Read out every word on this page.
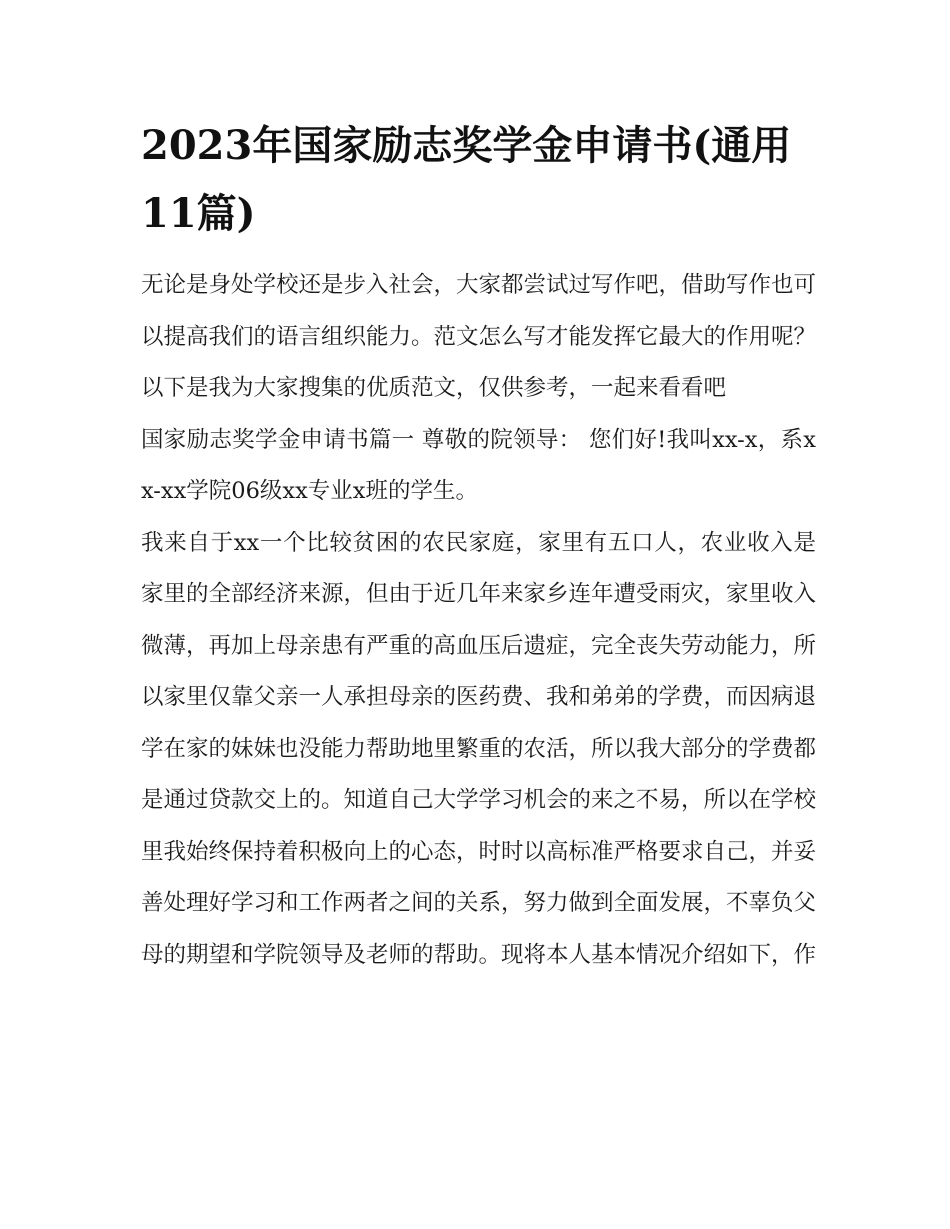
2023年国家励志奖学金申请书(通用11篇)

无论是身处学校还是步入社会，大家都尝试过写作吧，借助写作也可以提高我们的语言组织能力。范文怎么写才能发挥它最大的作用呢？以下是我为大家搜集的优质范文，仅供参考，一起来看看吧

国家励志奖学金申请书篇一 尊敬的院领导： 您们好!我叫xx-x，系xx-xx学院06级xx专业x班的学生。

我来自于xx一个比较贫困的农民家庭，家里有五口人，农业收入是家里的全部经济来源，但由于近几年来家乡连年遭受雨灾，家里收入微薄，再加上母亲患有严重的高血压后遗症，完全丧失劳动能力，所以家里仅靠父亲一人承担母亲的医药费、我和弟弟的学费，而因病退学在家的妹妹也没能力帮助地里繁重的农活，所以我大部分的学费都是通过贷款交上的。知道自己大学学习机会的来之不易，所以在学校里我始终保持着积极向上的心态，时时以高标准严格要求自己，并妥善处理好学习和工作两者之间的关系，努力做到全面发展，不辜负父母的期望和学院领导及老师的帮助。现将本人基本情况介绍如下，作
